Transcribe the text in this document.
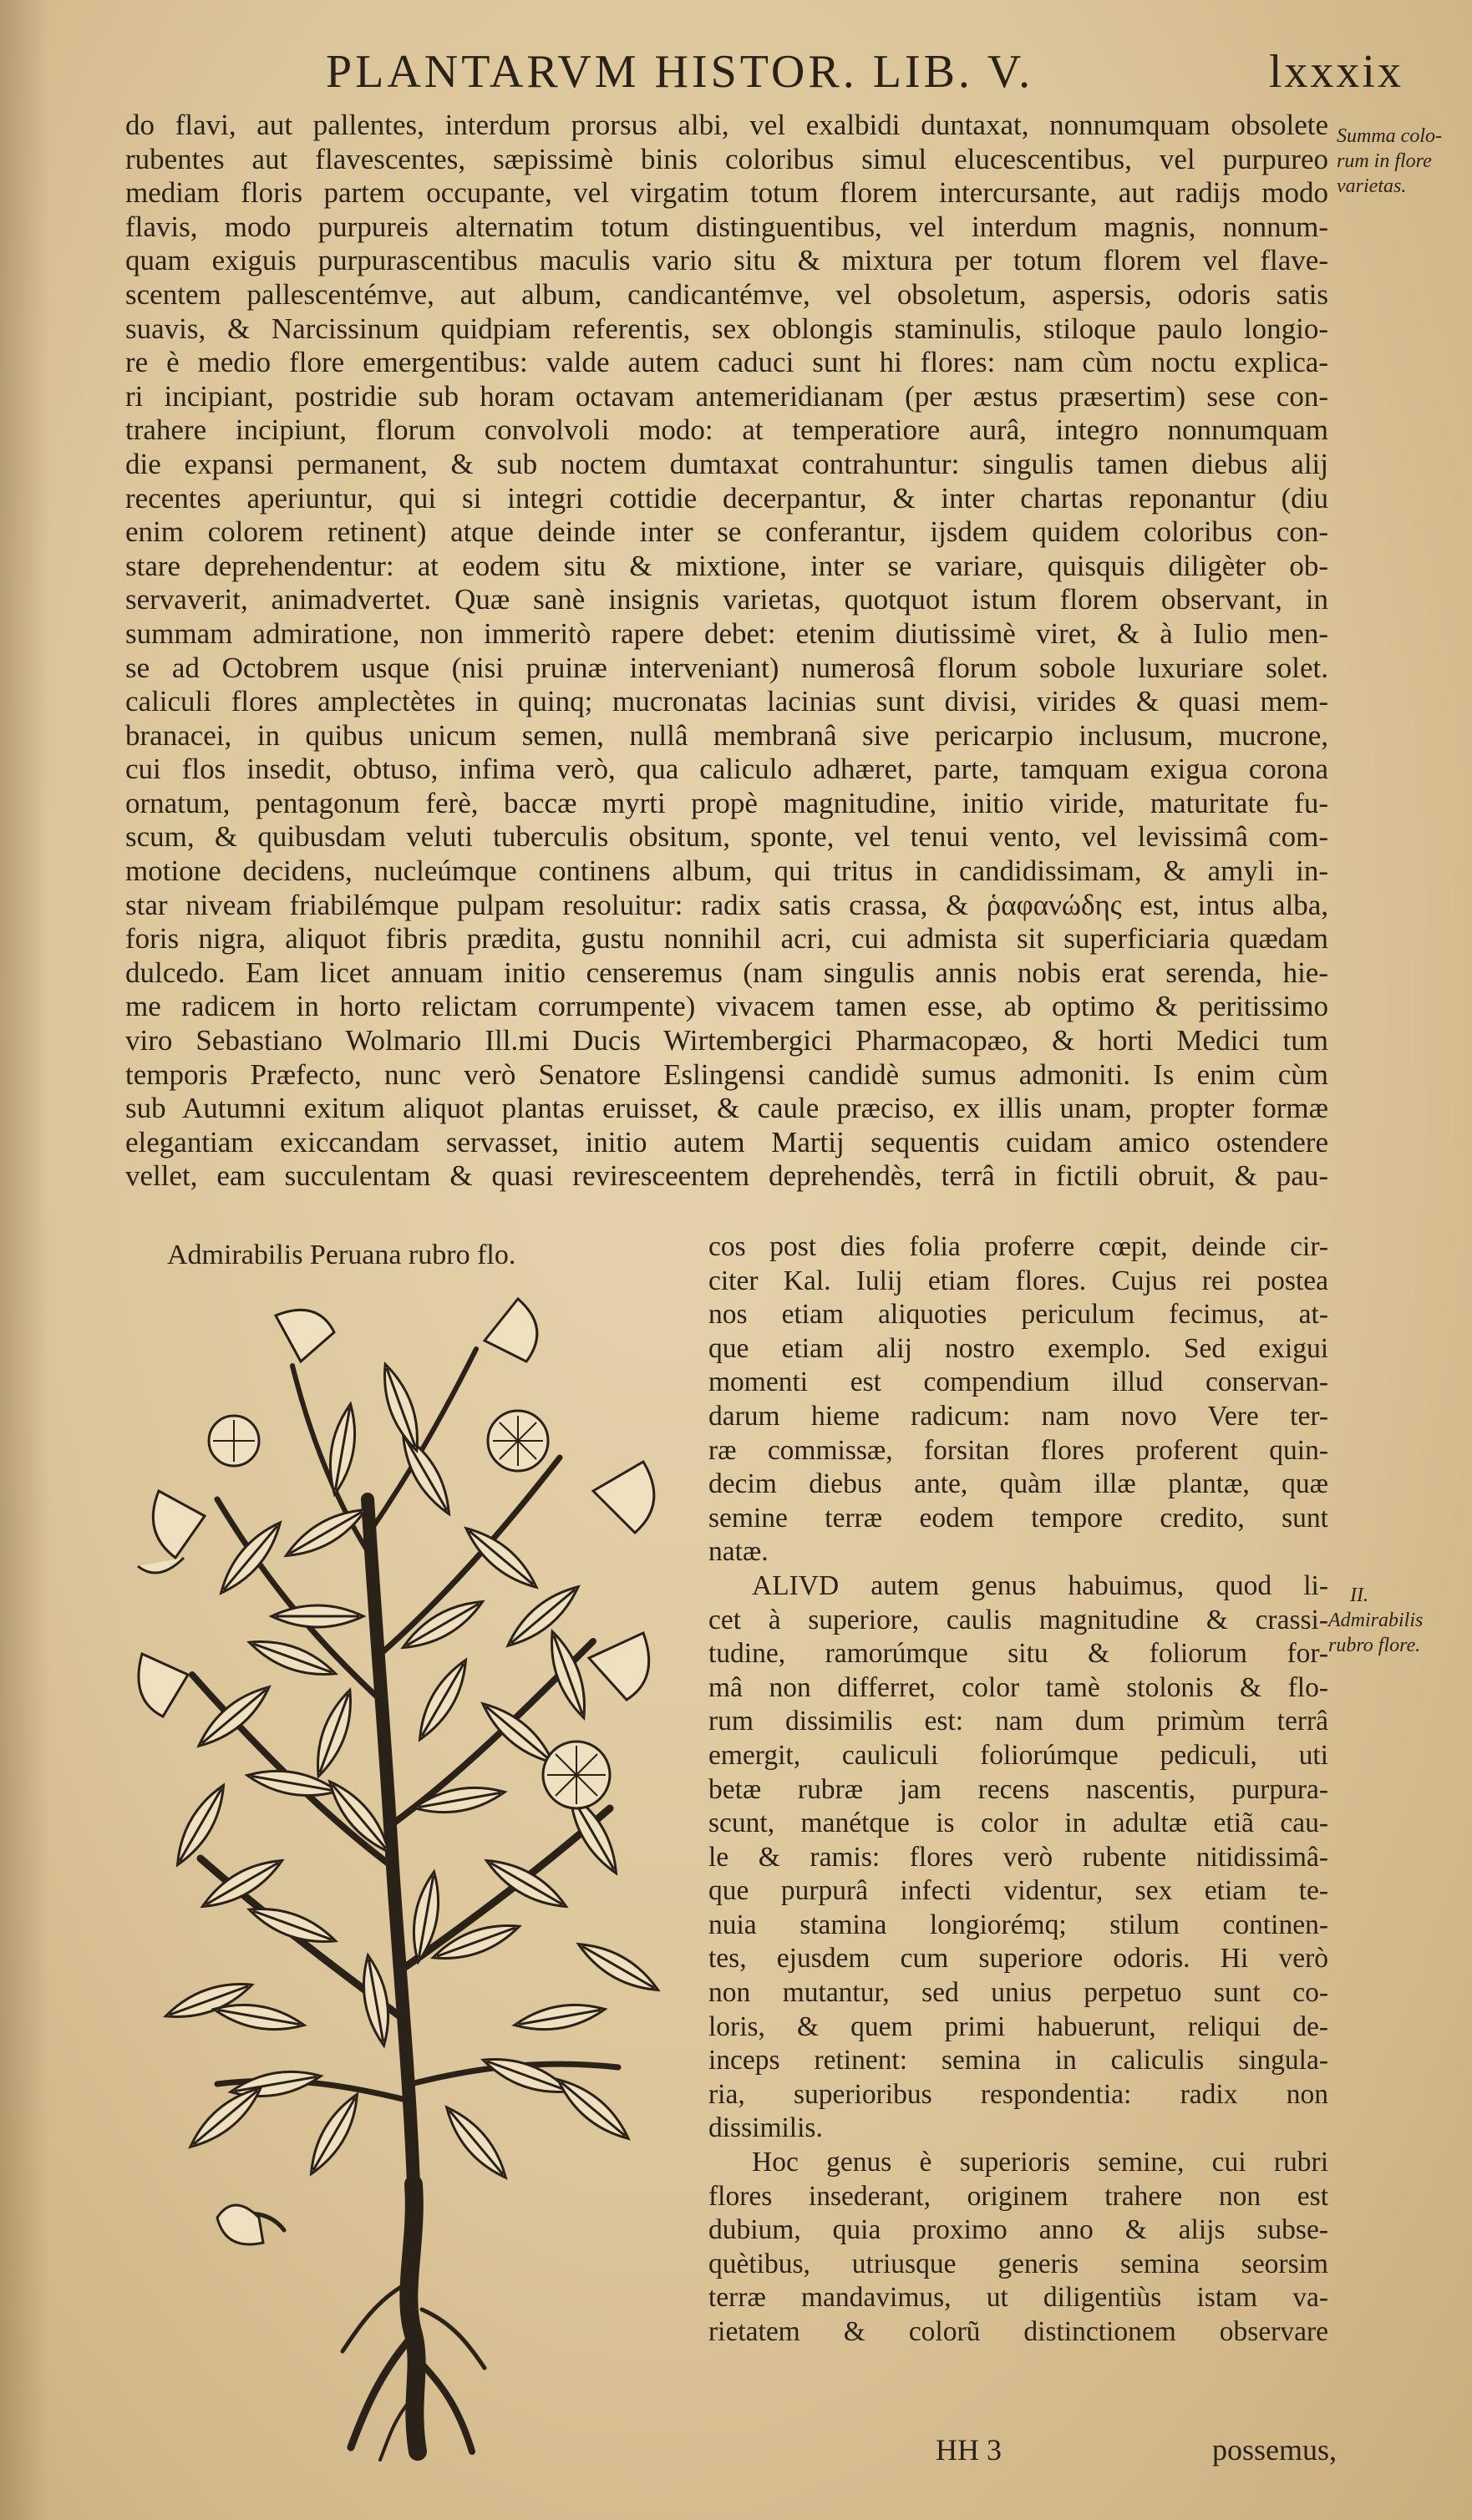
PLANTARVM HISTOR. LIB. V.	lxxxix
Summa colo-
rum in flore
varietas.
II.
Admirabilis
rubro flore.
do flavi, aut pallentes, interdum prorsus albi, vel exalbidi duntaxat, nonnumquam obsolete
rubentes aut flavescentes, sæpissimè binis coloribus simul elucescentibus, vel purpureo
mediam floris partem occupante, vel virgatim totum florem intercursante, aut radijs modo
flavis, modo purpureis alternatim totum distinguentibus, vel interdum magnis, nonnum-
quam exiguis purpurascentibus maculis vario situ & mixtura per totum florem vel flave-
scentem pallescentémve, aut album, candicantémve, vel obsoletum, aspersis, odoris satis
suavis, & Narcissinum quidpiam referentis, sex oblongis staminulis, stiloque paulo longio-
re è medio flore emergentibus: valde autem caduci sunt hi flores: nam cùm noctu explica-
ri incipiant, postridie sub horam octavam antemeridianam (per æstus præsertim) sese con-
trahere incipiunt, florum convolvoli modo: at temperatiore aurâ, integro nonnumquam
die expansi permanent, & sub noctem dumtaxat contrahuntur: singulis tamen diebus alij
recentes aperiuntur, qui si integri cottidie decerpantur, & inter chartas reponantur (diu
enim colorem retinent) atque deinde inter se conferantur, ijsdem quidem coloribus con-
stare deprehendentur: at eodem situ & mixtione, inter se variare, quisquis diligèter ob-
servaverit, animadvertet. Quæ sanè insignis varietas, quotquot istum florem observant, in
summam admiratione, non immeritò rapere debet: etenim diutissimè viret, & à Iulio men-
se ad Octobrem usque (nisi pruinæ interveniant) numerosâ florum sobole luxuriare solet.
caliculi flores amplectètes in quinq; mucronatas lacinias sunt divisi, virides & quasi mem-
branacei, in quibus unicum semen, nullâ membranâ sive pericarpio inclusum, mucrone,
cui flos insedit, obtuso, infima verò, qua caliculo adhæret, parte, tamquam exigua corona
ornatum, pentagonum ferè, baccæ myrti propè magnitudine, initio viride, maturitate fu-
scum, & quibusdam veluti tuberculis obsitum, sponte, vel tenui vento, vel levissimâ com-
motione decidens, nucleúmque continens album, qui tritus in candidissimam, & amyli in-
star niveam friabilémque pulpam resoluitur: radix satis crassa, & ῥαφανώδης est, intus alba,
foris nigra, aliquot fibris prædita, gustu nonnihil acri, cui admista sit superficiaria quædam
dulcedo. Eam licet annuam initio censeremus (nam singulis annis nobis erat serenda, hie-
me radicem in horto relictam corrumpente) vivacem tamen esse, ab optimo & peritissimo
viro Sebastiano Wolmario Ill.mi Ducis Wirtembergici Pharmacopæo, & horti Medici tum
temporis Præfecto, nunc verò Senatore Eslingensi candidè sumus admoniti. Is enim cùm
sub Autumni exitum aliquot plantas eruisset, & caule præciso, ex illis unam, propter formæ
elegantiam exiccandam servasset, initio autem Martij sequentis cuidam amico ostendere
vellet, eam succulentam & quasi reviresceentem deprehendès, terrâ in fictili obruit, & pau-
Admirabilis Peruana rubro flo.	cos post dies folia proferre cœpit, deinde cir-
citer Kal. Iulij etiam flores. Cujus rei postea
nos etiam aliquoties periculum fecimus, at-
que etiam alij nostro exemplo. Sed exigui
momenti est compendium illud conservan-
darum hieme radicum: nam novo Vere ter-
ræ commissæ, forsitan flores proferent quin-
decim diebus ante, quàm illæ plantæ, quæ
semine terræ eodem tempore credito, sunt
natæ.
ALIVD autem genus habuimus, quod li-
cet à superiore, caulis magnitudine & crassi-
tudine, ramorúmque situ & foliorum for-
mâ non differret, color tamè stolonis & flo-
rum dissimilis est: nam dum primùm terrâ
emergit, cauliculi foliorúmque pediculi, uti
betæ rubræ jam recens nascentis, purpura-
scunt, manétque is color in adultæ etiã cau-
le & ramis: flores verò rubente nitidissimâ-
que purpurâ infecti videntur, sex etiam te-
nuia stamina longiorémq; stilum continen-
tes, ejusdem cum superiore odoris. Hi verò
non mutantur, sed unius perpetuo sunt co-
loris, & quem primi habuerunt, reliqui de-
inceps retinent: semina in caliculis singula-
ria, superioribus respondentia: radix non
dissimilis.
Hoc genus è superioris semine, cui rubri
flores insederant, originem trahere non est
dubium, quia proximo anno & alijs subse-
quètibus, utriusque generis semina seorsim
terræ mandavimus, ut diligentiùs istam va-
rietatem & colorũ distinctionem observare
HH 3	possemus,
